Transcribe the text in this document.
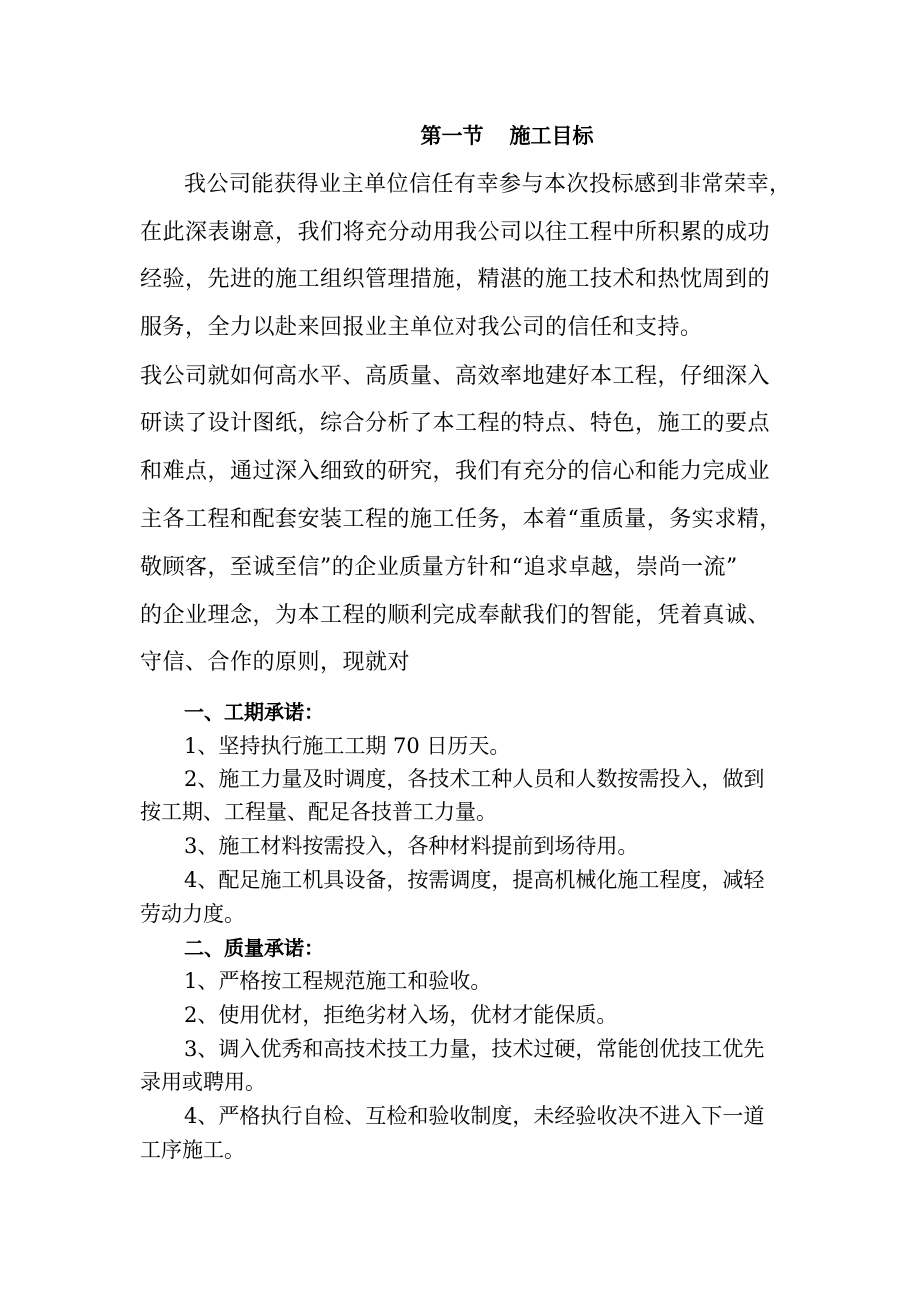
第一节 施工目标
我公司能获得业主单位信任有幸参与本次投标感到非常荣幸，
在此深表谢意，我们将充分动用我公司以往工程中所积累的成功
经验，先进的施工组织管理措施，精湛的施工技术和热忱周到的
服务，全力以赴来回报业主单位对我公司的信任和支持。
我公司就如何高水平、高质量、高效率地建好本工程，仔细深入
研读了设计图纸，综合分析了本工程的特点、特色，施工的要点
和难点，通过深入细致的研究，我们有充分的信心和能力完成业
主各工程和配套安装工程的施工任务，本着“重质量，务实求精，
敬顾客，至诚至信”的企业质量方针和“追求卓越，崇尚一流”
的企业理念，为本工程的顺利完成奉献我们的智能，凭着真诚、
守信、合作的原则，现就对
一、工期承诺：
1、坚持执行施工工期 70 日历天。
2、施工力量及时调度，各技术工种人员和人数按需投入，做到
按工期、工程量、配足各技普工力量。
3、施工材料按需投入，各种材料提前到场待用。
4、配足施工机具设备，按需调度，提高机械化施工程度，减轻
劳动力度。
二、质量承诺：
1、严格按工程规范施工和验收。
2、使用优材，拒绝劣材入场，优材才能保质。
3、调入优秀和高技术技工力量，技术过硬，常能创优技工优先
录用或聘用。
4、严格执行自检、互检和验收制度，未经验收决不进入下一道
工序施工。
